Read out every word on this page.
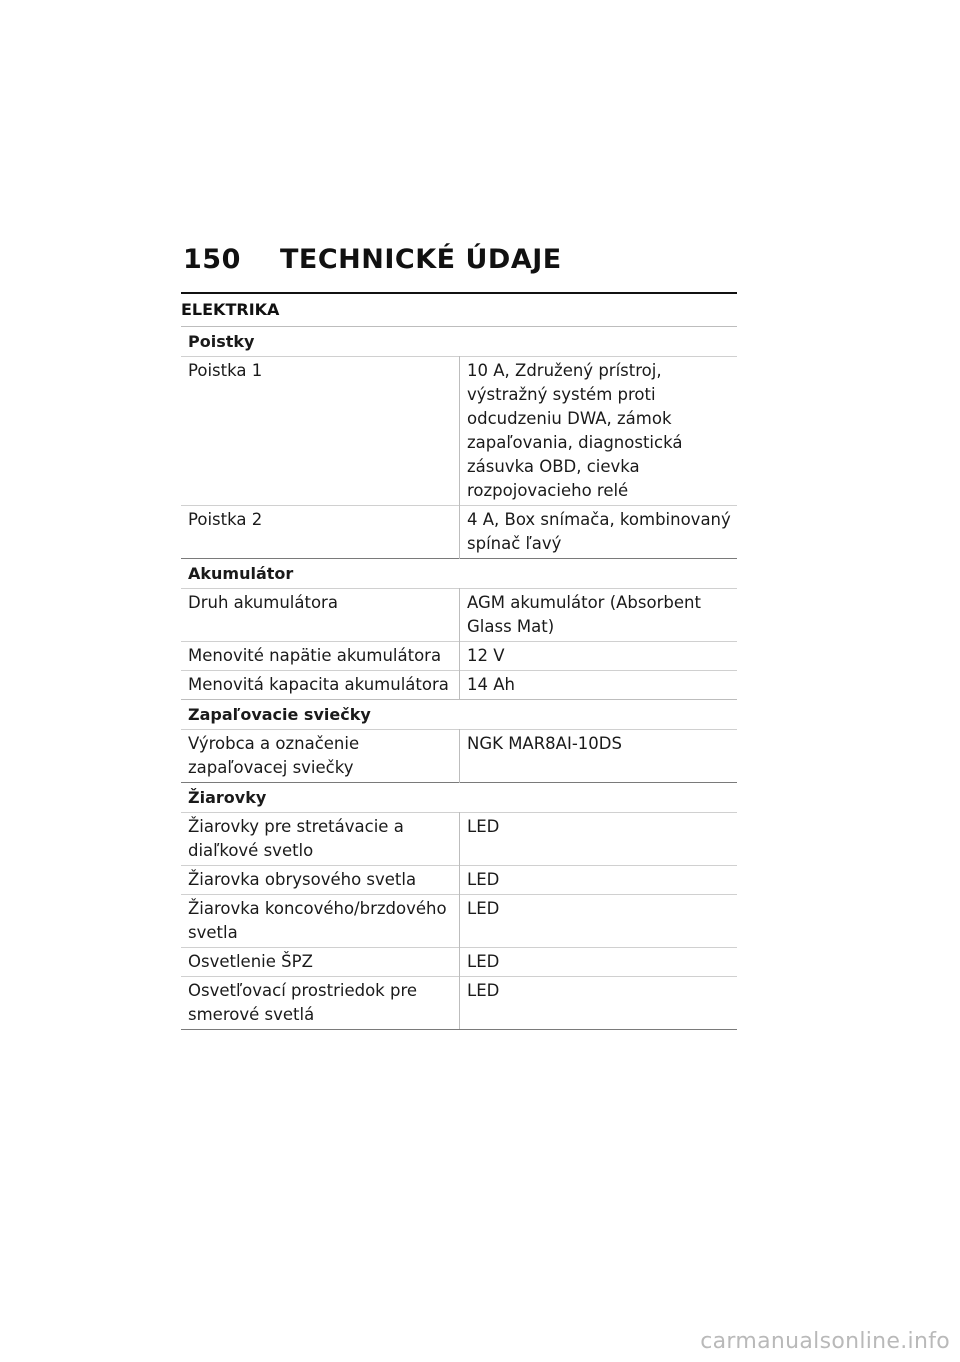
150	TECHNICKÉ ÚDAJE
ELEKTRIKA
Poistky	
Poistka 1	10 A, Združený prístroj, výstražný systém proti odcudzeniu DWA, zámok zapaľovania, diagnostická zásuvka OBD, cievka rozpojovacieho relé
Poistka 2	4 A, Box snímača, kombinovaný spínač ľavý
Akumulátor	
Druh akumulátora	AGM akumulátor (Absorbent Glass Mat)
Menovité napätie akumulátora	12 V
Menovitá kapacita akumulátora	14 Ah
Zapaľovacie sviečky	
Výrobca a označenie zapaľovacej sviečky	NGK MAR8AI-10DS
Žiarovky	
Žiarovky pre stretávacie a diaľkové svetlo	LED
Žiarovka obrysového svetla	LED
Žiarovka koncového/brzdového svetla	LED
Osvetlenie ŠPZ	LED
Osvetľovací prostriedok pre smerové svetlá	LED
carmanualsonline.info
